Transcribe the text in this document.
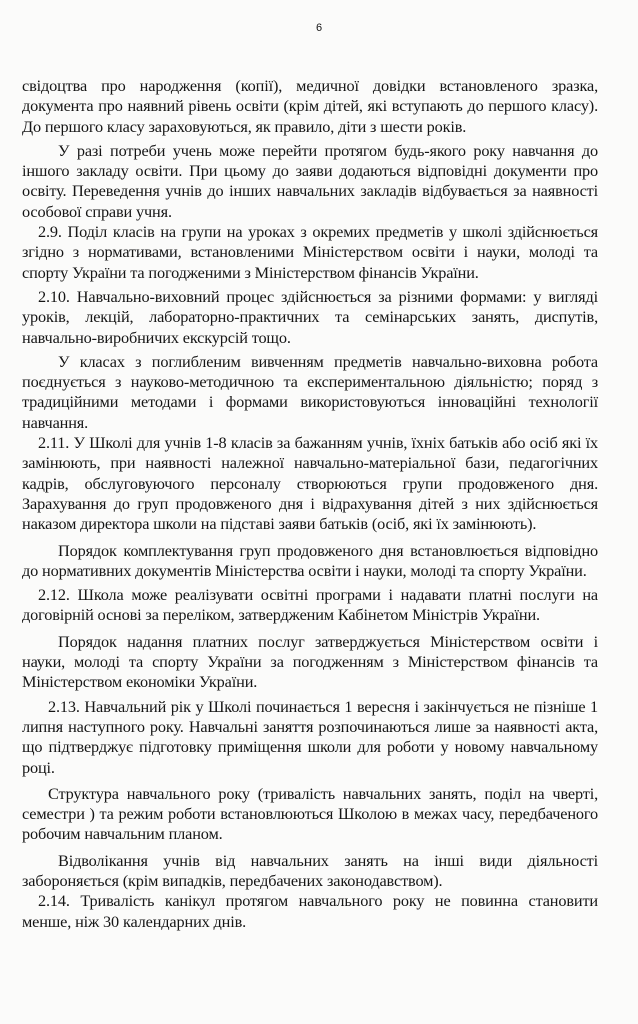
6

свідоцтва про народження (копії), медичної довідки встановленого зразка, документа про наявний рівень освіти (крім дітей, які вступають до першого класу). До першого класу зараховуються, як правило, діти з шести років.

У разі потреби учень може перейти протягом будь-якого року навчання до іншого закладу освіти. При цьому до заяви додаються відповідні документи про освіту. Переведення учнів до інших навчальних закладів відбувається за наявності особової справи учня.

2.9. Поділ класів на групи на уроках з окремих предметів у школі здійснюється згідно з нормативами, встановленими Міністерством освіти і науки, молоді та спорту України та погодженими з Міністерством фінансів України.

2.10. Навчально-виховний процес здійснюється за різними формами: у вигляді уроків, лекцій, лабораторно-практичних та семінарських занять, диспутів, навчально-виробничих екскурсій тощо.

У класах з поглибленим вивченням предметів навчально-виховна робота поєднується з науково-методичною та експериментальною діяльністю; поряд з традиційними методами і формами використовуються інноваційні технології навчання.

2.11. У Школі для учнів 1-8 класів за бажанням учнів, їхніх батьків або осіб які їх замінюють, при наявності належної навчально-матеріальної бази, педагогічних кадрів, обслуговуючого персоналу створюються групи продовженого дня. Зарахування до груп продовженого дня і відрахування дітей з них здійснюється наказом директора школи на підставі заяви батьків (осіб, які їх замінюють).

Порядок комплектування груп продовженого дня встановлюється відповідно до нормативних документів Міністерства освіти і науки, молоді та спорту України.

2.12. Школа може реалізувати освітні програми і надавати платні послуги на договірній основі за переліком, затвердженим Кабінетом Міністрів України.

Порядок надання платних послуг затверджується Міністерством освіти і науки, молоді та спорту України за погодженням з Міністерством фінансів та Міністерством економіки України.

2.13. Навчальний рік у Школі починається 1 вересня і закінчується не пізніше 1 липня наступного року. Навчальні заняття розпочинаються лише за наявності акта, що підтверджує підготовку приміщення школи для роботи у новому навчальному році.

Структура навчального року (тривалість навчальних занять, поділ на чверті, семестри ) та режим роботи встановлюються Школою в межах часу, передбаченого робочим навчальним планом.

Відволікання учнів від навчальних занять на інші види діяльності забороняється (крім випадків, передбачених законодавством).

2.14. Тривалість канікул протягом навчального року не повинна становити менше, ніж 30 календарних днів.
